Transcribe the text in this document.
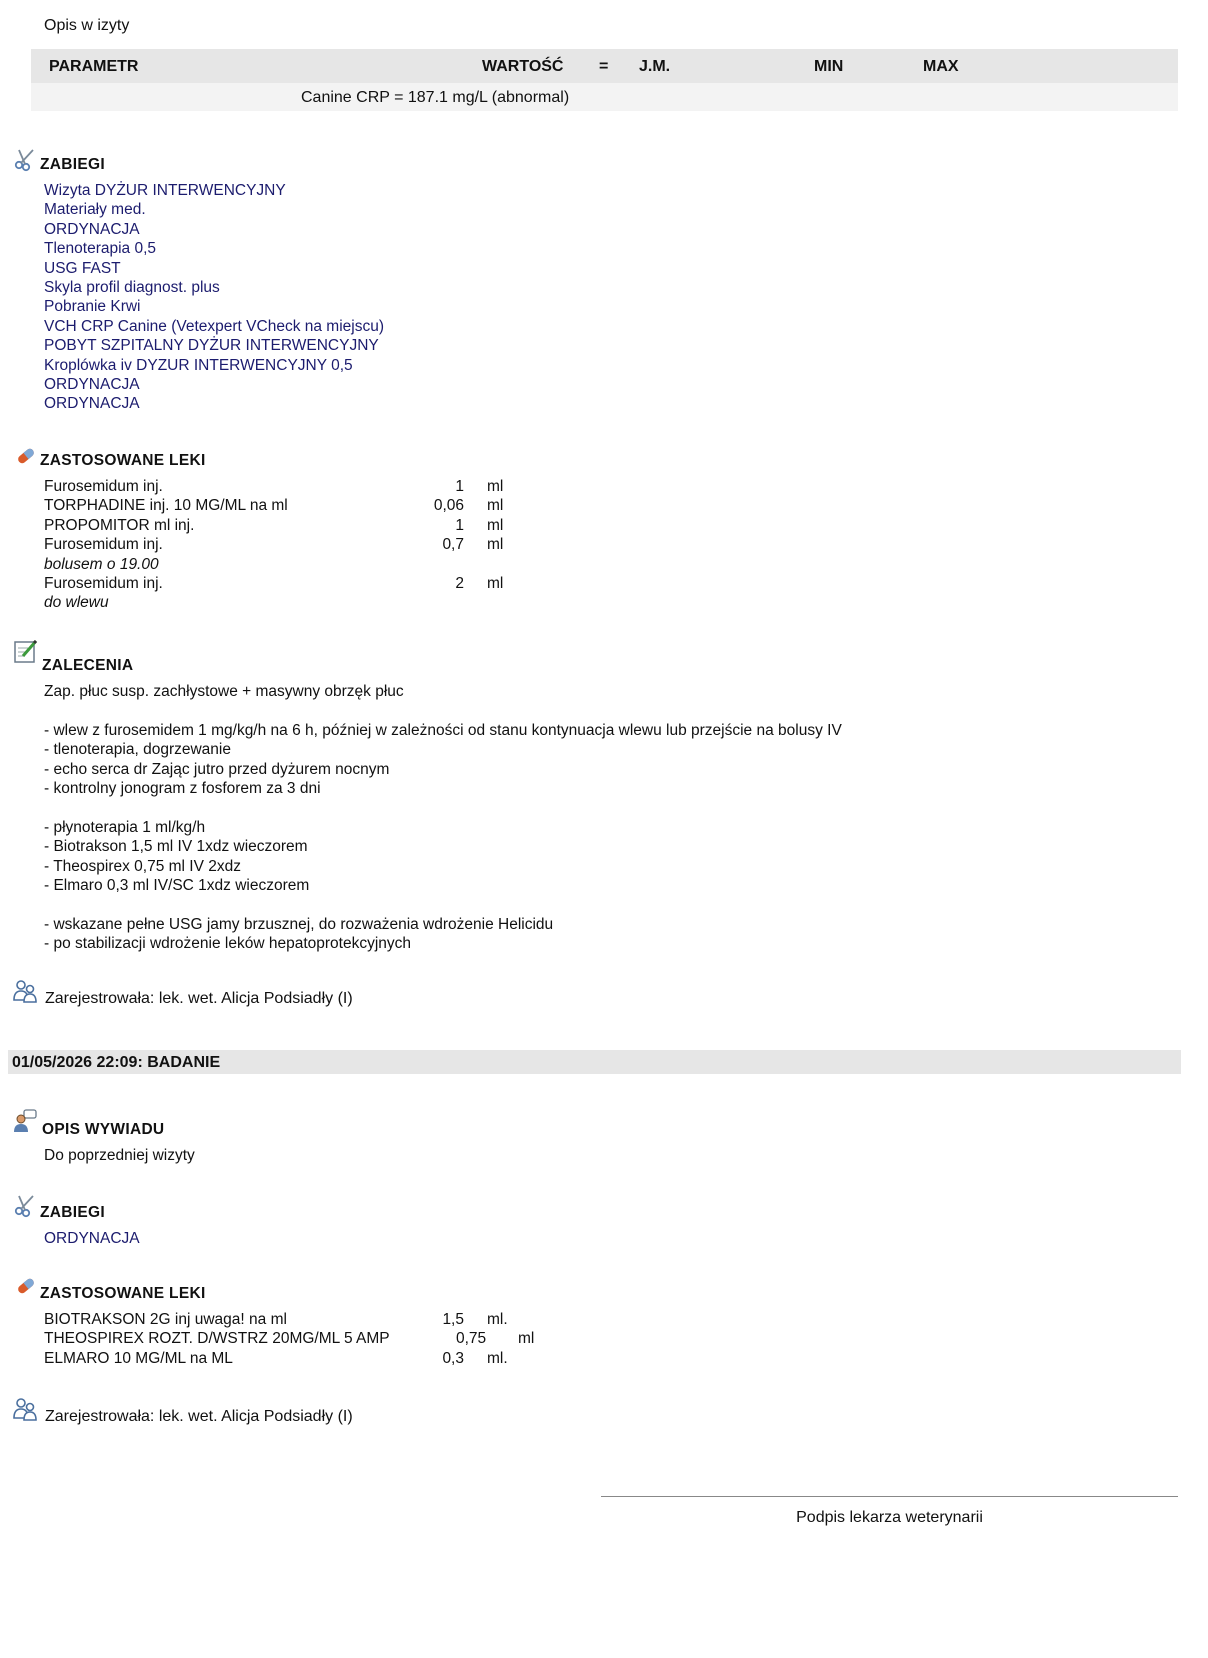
Opis w izyty
PARAMETR	WARTOŚĆ = J.M.	MIN	MAX
Canine CRP = 187.1 mg/L (abnormal)
ZABIEGI
Wizyta DYŻUR INTERWENCYJNY
Materiały med.
ORDYNACJA
Tlenoterapia 0,5
USG FAST
Skyla profil diagnost. plus
Pobranie Krwi
VCH CRP Canine (Vetexpert VCheck na miejscu)
POBYT SZPITALNY DYŻUR INTERWENCYJNY
Kroplówka iv DYZUR INTERWENCYJNY 0,5
ORDYNACJA
ORDYNACJA
ZASTOSOWANE LEKI
Furosemidum inj.	1 ml
TORPHADINE inj. 10 MG/ML na ml	0,06 ml
PROPOMITOR ml inj.	1 ml
Furosemidum inj.	0,7 ml
bolusem o 19.00
Furosemidum inj.	2 ml
do wlewu
ZALECENIA
Zap. płuc susp. zachłystowe + masywny obrzęk płuc
- wlew z furosemidem 1 mg/kg/h na 6 h, później w zależności od stanu kontynuacja wlewu lub przejście na bolusy IV
- tlenoterapia, dogrzewanie
- echo serca dr Zając jutro przed dyżurem nocnym
- kontrolny jonogram z fosforem za 3 dni
- płynoterapia 1 ml/kg/h
- Biotrakson 1,5 ml IV 1xdz wieczorem
- Theospirex 0,75 ml IV 2xdz
- Elmaro 0,3 ml IV/SC 1xdz wieczorem
- wskazane pełne USG jamy brzusznej, do rozważenia wdrożenie Helicidu
- po stabilizacji wdrożenie leków hepatoprotekcyjnych
Zarejestrowała: lek. wet. Alicja Podsiadły (I)
01/05/2026 22:09: BADANIE
OPIS WYWIADU
Do poprzedniej wizyty
ZABIEGI
ORDYNACJA
ZASTOSOWANE LEKI
BIOTRAKSON 2G inj uwaga! na ml	1,5 ml.
THEOSPIREX ROZT. D/WSTRZ 20MG/ML 5 AMP	0,75	ml
ELMARO 10 MG/ML na ML	0,3 ml.
Zarejestrowała: lek. wet. Alicja Podsiadły (I)
Podpis lekarza weterynarii
